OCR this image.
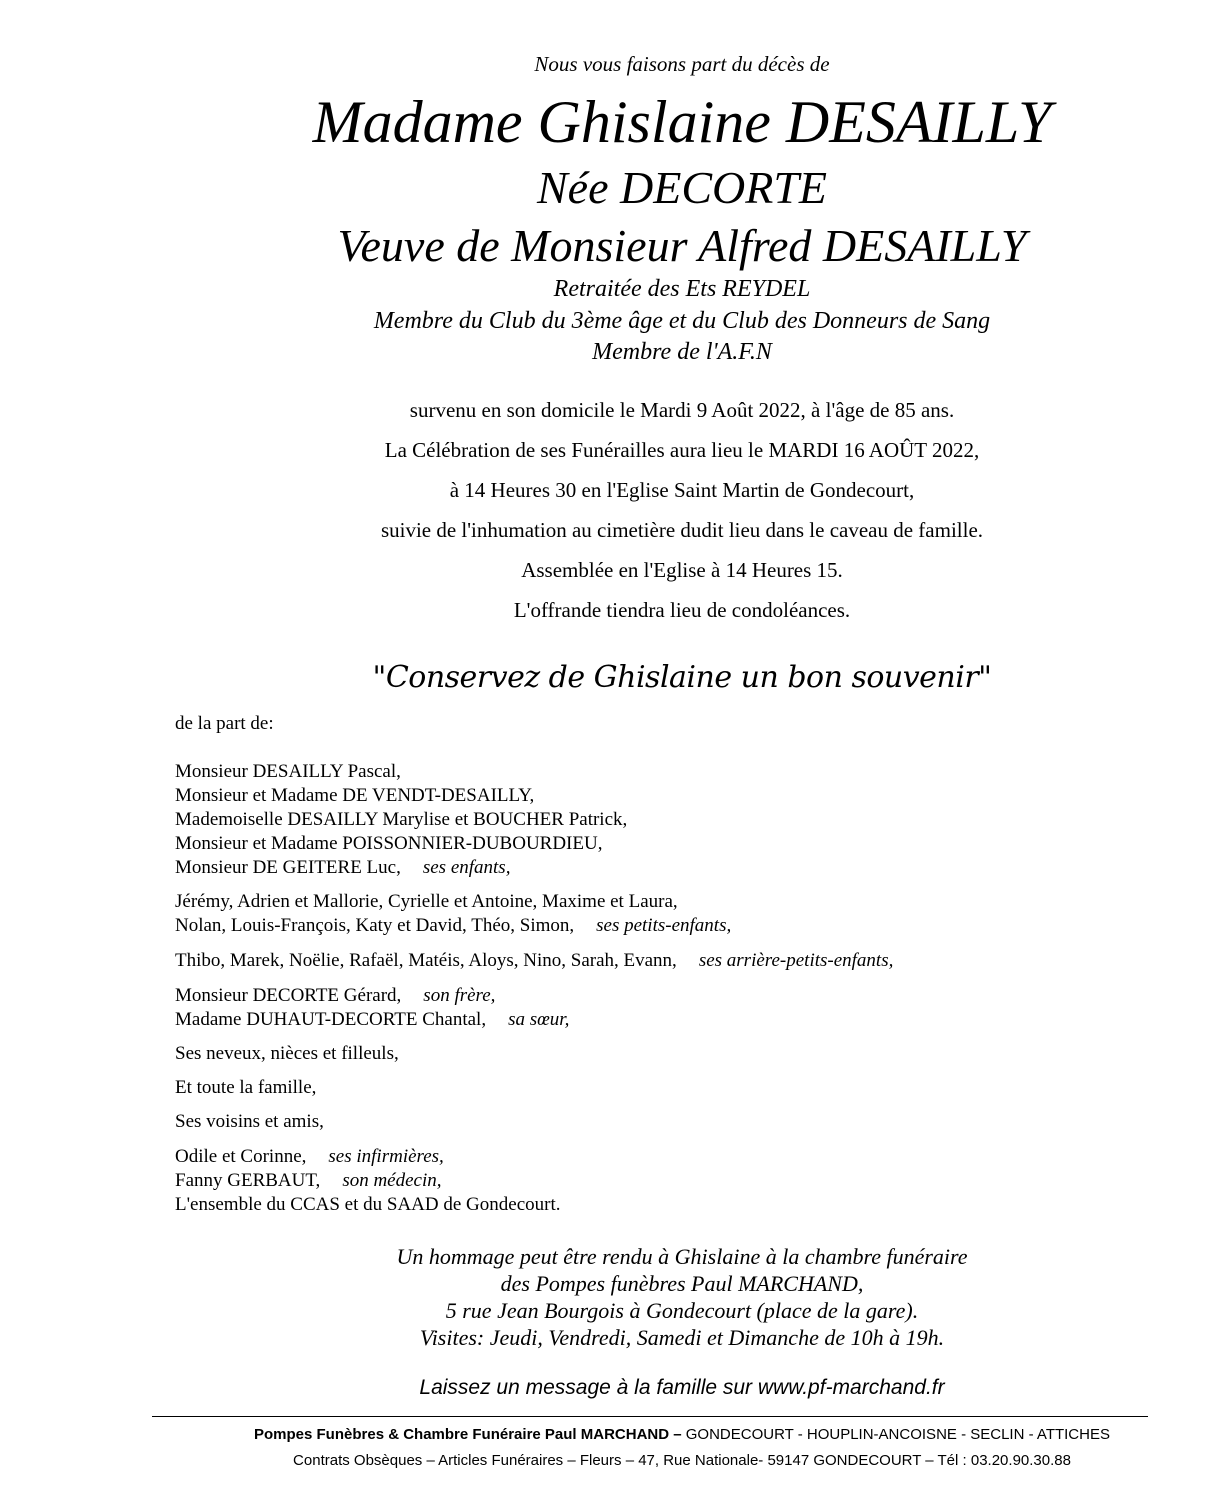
Nous vous faisons part du décès de
Madame Ghislaine DESAILLY
Née DECORTE
Veuve de Monsieur Alfred DESAILLY
Retraitée des Ets REYDEL
Membre du Club du 3ème âge et du Club des Donneurs de Sang
Membre de l'A.F.N
survenu en son domicile le Mardi 9 Août 2022, à l'âge de 85 ans.
La Célébration de ses Funérailles aura lieu le MARDI 16 AOÛT 2022,
à 14 Heures 30 en l'Eglise Saint Martin de Gondecourt,
suivie de l'inhumation au cimetière dudit lieu dans le caveau de famille.
Assemblée en l'Eglise à 14 Heures 15.
L'offrande tiendra lieu de condoléances.
"Conservez de Ghislaine un bon souvenir"
de la part de:
Monsieur DESAILLY Pascal,
Monsieur et Madame DE VENDT-DESAILLY,
Mademoiselle DESAILLY Marylise et BOUCHER Patrick,
Monsieur et Madame POISSONNIER-DUBOURDIEU,
Monsieur DE GEITERE Luc, ses enfants,
Jérémy, Adrien et Mallorie, Cyrielle et Antoine, Maxime et Laura,
Nolan, Louis-François, Katy et David, Théo, Simon, ses petits-enfants,
Thibo, Marek, Noëlie, Rafaël, Matéis, Aloys, Nino, Sarah, Evann, ses arrière-petits-enfants,
Monsieur DECORTE Gérard, son frère,
Madame DUHAUT-DECORTE Chantal, sa sœur,
Ses neveux, nièces et filleuls,
Et toute la famille,
Ses voisins et amis,
Odile et Corinne, ses infirmières,
Fanny GERBAUT, son médecin,
L'ensemble du CCAS et du SAAD de Gondecourt.
Un hommage peut être rendu à Ghislaine à la chambre funéraire
des Pompes funèbres Paul MARCHAND,
5 rue Jean Bourgois à Gondecourt (place de la gare).
Visites: Jeudi, Vendredi, Samedi et Dimanche de 10h à 19h.
Laissez un message à la famille sur www.pf-marchand.fr
Pompes Funèbres & Chambre Funéraire Paul MARCHAND – GONDECOURT - HOUPLIN-ANCOISNE - SECLIN - ATTICHES
Contrats Obsèques – Articles Funéraires – Fleurs – 47, Rue Nationale- 59147 GONDECOURT – Tél : 03.20.90.30.88
